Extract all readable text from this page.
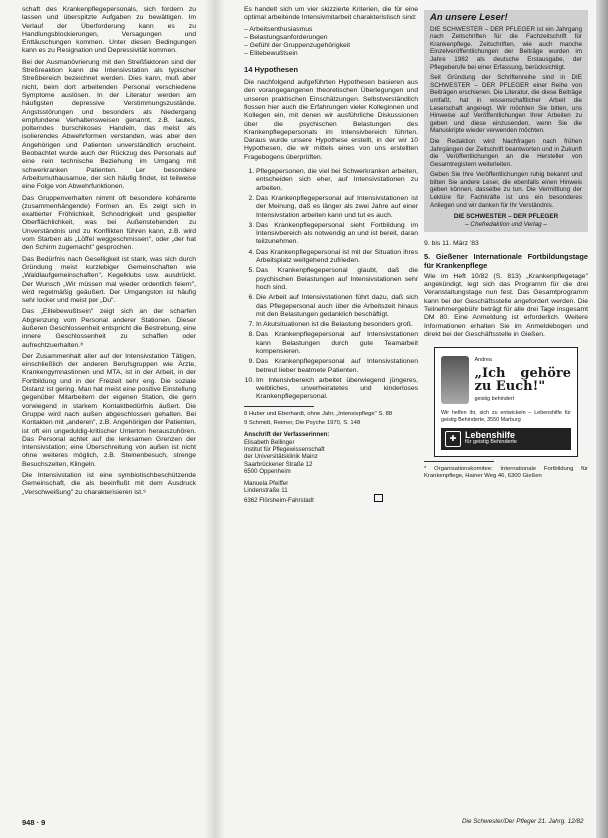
schaft des Krankenpflegepersonals, sich fordern zu lassen und überspitzte Aufgaben zu bewältigen. Im Verlauf der Überforderung kann es zu Handlungsblockierungen, Versagungen und Enttäuschungen kommen. Unter diesen Bedingungen kann es zu Resignation und Depressivität kommen.

Bei der Ausmanövrierung mit den Streßfaktoren sind der Streßreaktion kann die Intensivstation als typischer Streßbereich bezeichnet werden. Dies kann, muß aber nicht, beim dort arbeitenden Personal verschiedene Symptome auslösen. In der Literatur werden am häufigsten depressive Verstimmungszustände, Angstsstörungen und besonders als Niedergang empfundene Verhaltensweisen genannt, z.B. lautes, polterndes burschikoses Handeln, das meist als isolierendes Abwehrformen verstanden, was aber den Angehörigen und Patienten unverständlich erscheint. Beobachtet wurde auch der Rückzug des Personals auf eine rein technische Beziehung im Umgang mit schwerkranken Patienten. Ler besondere Arbeitsmuthausamue, der sich häufig findet, ist teilweise eine Folge von Abwehrfunktionen.

Das Gruppenverhalten nimmt oft besondere kohärente (zusammenhängende) Formen an. Es zeigt sich in exaltierter Fröhlichkeit, Schnodrigkeit und gespielter Oberflächlichkeit, was bei Außenstehenden zu Unverständnis und zu Konflikten führen kann, z.B. wird vom Starben als „Löffel weggeschmissen", oder „der hat den Schirm zugemacht" gesprochen.

Das Bedürfnis nach Geselligkeit ist stark, was sich durch Gründung meist kurzlebiger Gemeinschaften wie „Waldlaufgemeinschaften", Kegelklubs usw. ausdrückt. Der Wunsch „Wir müssen mal wieder ordentlich feiern", wird regelmäßig geäußert. Der Umgangston ist häufig sehr locker und meist per „Du".

Das „Elitebewußtsein" zeigt sich an der scharfen Abgrenzung vom Personal anderer Stationen. Dieser äußeren Geschlossenheit entspricht die Bestrebung, eine innere Geschlossenheit zu schaffen oder aufrechtzuerhalten.⁸

Der Zusammenhalt aller auf der Intensivstation Tätigen, einschließlich der anderen Berufsgruppen wie Ärzte, Krankengymnastinnen und MTA, ist in der Arbeit, in der Fortbildung und in der Freizeit sehr eng. Die soziale Distanz ist gering. Man hat meist eine positive Einstellung gegenüber Mitarbeitern der eigenen Station, die gern vorwiegend in starkem Kontaktbedürfnis äußert. Die Gruppe wird nach außen abgeschlossen gehalten. Bei Kontakten mit „anderen", z.B. Angehörigen der Patienten, ist oft ein ungeduldig-kritischer Unterton herauszuhören. Das Personal achtet auf die lenksamen Grenzen der Intensivstation; eine Überschreitung von außen ist nicht ohne weiteres möglich, z.B. Steinenbesuch, strenge Besuchszeiten, Klingeln.

Die Intensivstation ist eine symbiotischbeschützende Gemeinschaft, die als beeinflußt mit dem Ausdruck „Verschweißung" zu charakterisieren ist.⁹

Es handelt sich um vier skizzierte Kriterien, die für eine optimal arbeitende Intensivmitarbeit charakteristisch sind:

– Arbeitsenthusiasmus
– Belastungsanforderungen
– Gefühl der Gruppenzugehörigkeit
– Elitebewußtsein
14 Hypothesen

Die nachfolgend aufgeführten Hypothesen basieren aus den vorangegangenen theoretischen Überlegungen und unseren praktischen Einschätzungen. Selbstverständlich flossen hier auch die Erfahrungen vieler Kolleginnen und Kollegen ein, mit denen wir ausführliche Diskussionen über die psychischen Belastungen des Krankenpflegepersonals im Intensivbereich führten. Daraus wurde unsere Hypothese erstellt, in der wir 10 Hypothesen, die wir mittels eines von uns erstellten Fragebogens überprüften.

1. Pflegepersonen, die viel bei Schwerkranken arbeiten, entscheiden sich eher, auf Intensivstationen zu arbeiten.
2. Das Krankenpflegepersonal auf Intensivstationen ist der Meinung, daß es länger als zwei Jahre auf einer Intensivstation arbeiten kann und tut es auch.
3. Das Krankenpflegepersonal sieht Fortbildung im Intensivbereich als notwendig an und ist bereit, daran teilzunehmen.
4. Das Krankenpflegepersonal ist mit der Situation ihres Arbeitsplatz weitgehend zufrieden.
5. Das Krankenpflegepersonal glaubt, daß die psychischen Belastungen auf Intensivstationen sehr hoch sind.
6. Die Arbeit auf Intensivstationen führt dazu, daß sich das Pflegepersonal auch über die Arbeitszeit hinaus mit den Belastungen gedanklich beschäftigt.
7. In Akutsituationen ist die Belastung besonders groß.
8. Das Krankenpflegepersonal auf Intensivstationen kann Belastungen durch gute Teamarbeit kompensieren.
9. Das Krankenpflegepersonal auf Intensivstationen betreut lieber beatmete Patienten.
10. Im Intensivbereich arbeitet überwiegend jüngeres, weibliches, unverheiratetes und kinderloses Krankenpflegepersonal.
8 Huber und Eberhardt, ohne Jahr, „Intensivpflege" S. 88
9 Schmidt, Reimer, Die Psyche 1970, S. 148
Anschrift der Verfasserinnen:
Elisabeth Bellinger
Institut für Pflegewissenschaft
der Universitätsklinik Mainz
Saarbrückener Straße 12
6500 Oppenheim
Manuela Pfeiffer
Lindenstraße 11
6362 Flörsheim-Fahrstadt
An unsere Leser!

DIE SCHWESTER – DER PFLEGER ist ein Jahrgang nach Zeitschriften für die Fachzeitschrift für Krankenpflege. Zeitschriften, wie auch manche Einzelveröffentlichungen der Beiträge wurden im Jahre 1982 als deutsche Erstausgabe, der Pflegeberufe bei einer Erfassung, berücksichtigt.

Seit Gründung der Schriftenreihe sind in DIE SCHWESTER – DER PFLEGER einer Reihe von Beiträgen erschienen. Die Literatur, die diese Beiträge umfaßt, hat in wissenschaftlicher Arbeit die Leserschaft angeregt. Wir möchten Sie bitten, uns Hinweise auf Veröffentlichungen Ihrer Arbeiten zu geben und diese einzusenden, wenn Sie die Manuskripte wieder verwenden möchten.

Die Redaktion wird Nachfragen nach frühen Jahrgängen der Zeitschrift beantworten und in Zukunft die Veröffentlichungen an die Hersteller von Gesamtregistern weiterleiten.

Geben Sie Ihre Veröffentlichungen ruhig bekannt und bitten Sie andere Leser, die ebenfalls einen Hinweis geben können, dasselbe zu tun. Die Vermittlung der Lektüre für Fachkräfte ist uns ein besonderes Anliegen und wir danken für Ihr Verständnis.

DIE SCHWESTER – DER PFLEGER
– Chefredaktion und Verlag –
9. bis 11. März '83
5. Gießener Internationale Fortbildungstage für Krankenpflege

Wie im Heft 10/82 (S. 813) „Krankenpflegetage" angekündigt, legt sich das Programm für die drei Veranstaltungstage nun fest. Das Gesamtprogramm kann bei der Geschäftsstelle angefordert werden. Die Teilnehmergebühr beträgt für alle drei Tage insgesamt DM 80. Eine Anmeldung ist erforderlich. Weitere Informationen erhalten Sie im Anmeldebogen und direkt bei der Geschäftsstelle in Gießen.

Andrea
„Ich gehöre zu Euch!"
geistig behindert
Wir helfen ihr, sich zu entwickeln – Lebenshilfe für geistig Behinderte, 3550 Marburg
✚ Lebenshilfe
für geistig Behinderte
* Organisationskomitee: Internationale Fortbildung für Krankenpflege, Hainer Weg 46, 6300 Gießen
948 · 9	Die Schwester/Der Pfleger 21. Jahrg. 12/82
